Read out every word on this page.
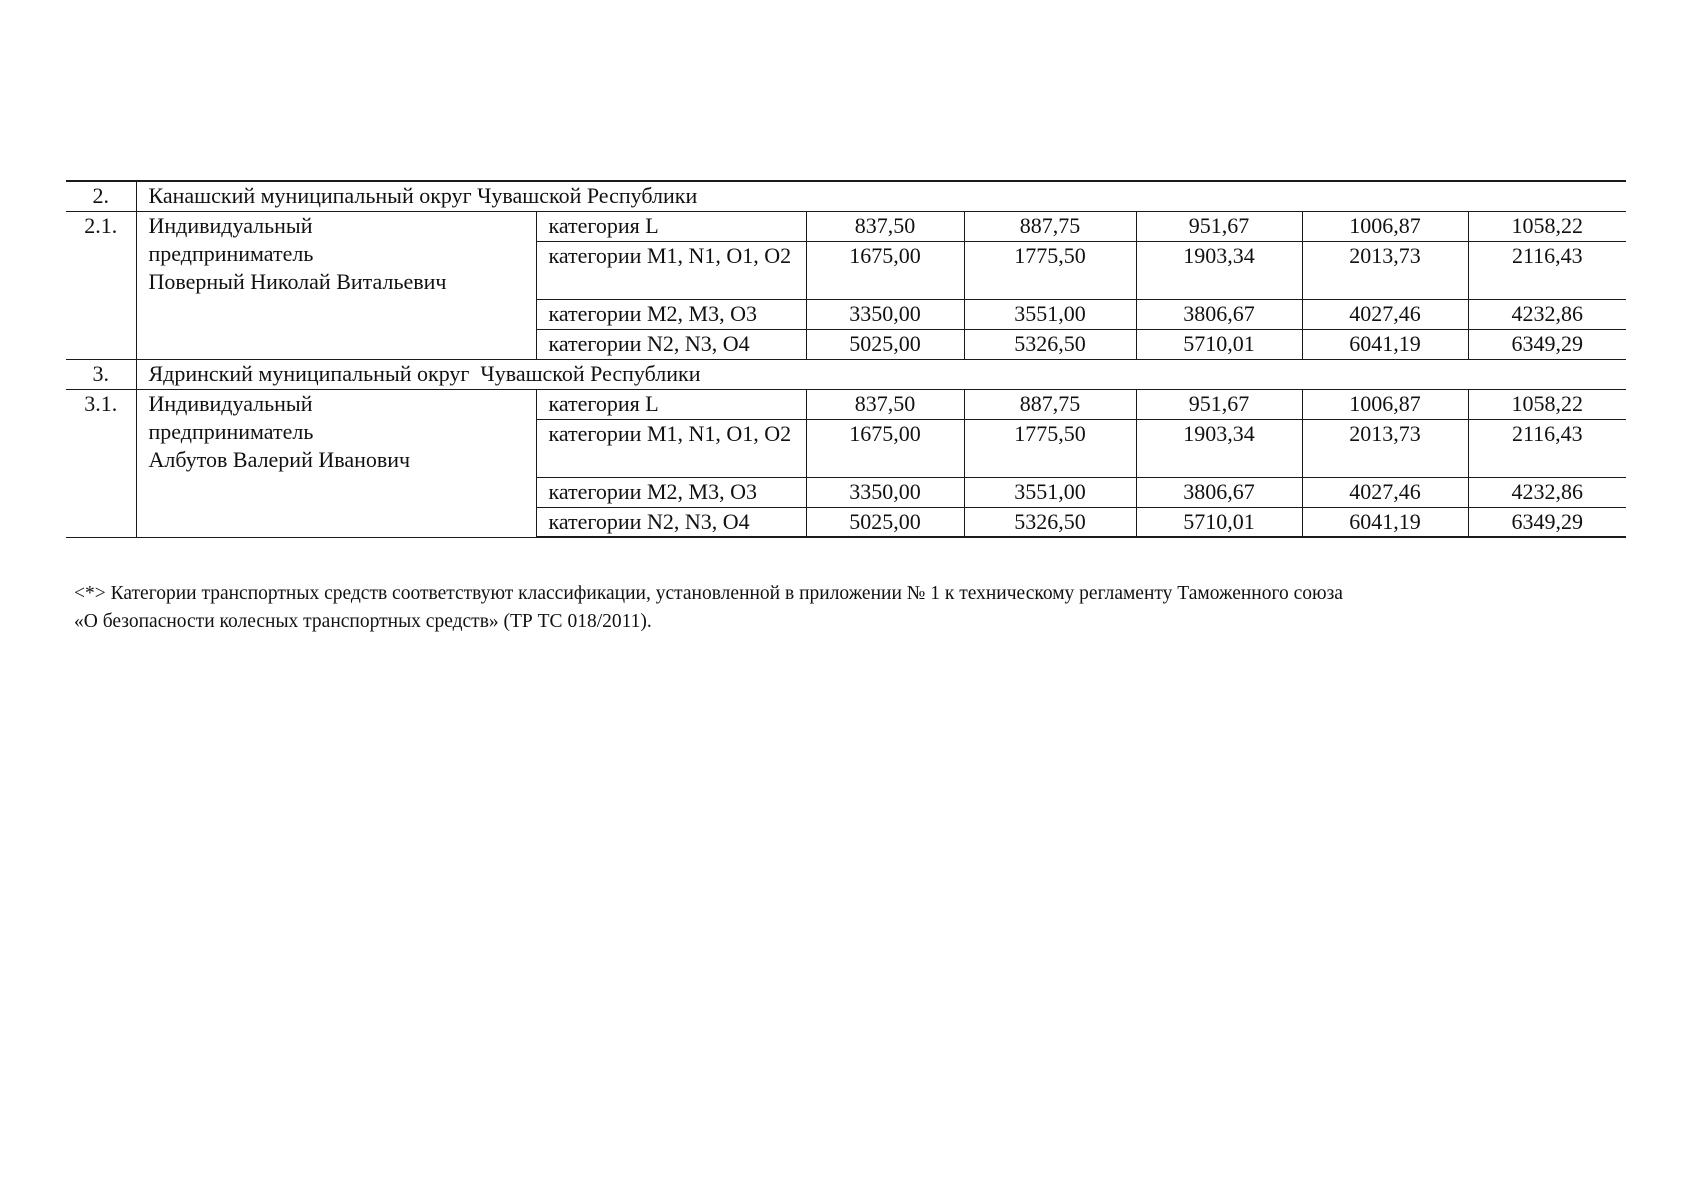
2.	Канашский муниципальный округ Чувашской Республики						
2.1.	Индивидуальный
предприниматель
Поверный Николай Витальевич	категория L	837,50	887,75	951,67	1006,87	1058,22
		категории M1, N1, O1, O2	1675,00	1775,50	1903,34	2013,73	2116,43
		категории M2, M3, O3	3350,00	3551,00	3806,67	4027,46	4232,86
		категории N2, N3, O4	5025,00	5326,50	5710,01	6041,19	6349,29
3.	Ядринский муниципальный округ  Чувашской Республики						
3.1.	Индивидуальный
предприниматель
Албутов Валерий Иванович	категория L	837,50	887,75	951,67	1006,87	1058,22
		категории M1, N1, O1, O2	1675,00	1775,50	1903,34	2013,73	2116,43
		категории M2, M3, O3	3350,00	3551,00	3806,67	4027,46	4232,86
		категории N2, N3, O4	5025,00	5326,50	5710,01	6041,19	6349,29

<*> Категории транспортных средств соответствуют классификации, установленной в приложении № 1 к техническому регламенту Таможенного союза

«О безопасности колесных транспортных средств» (ТР ТС 018/2011).
